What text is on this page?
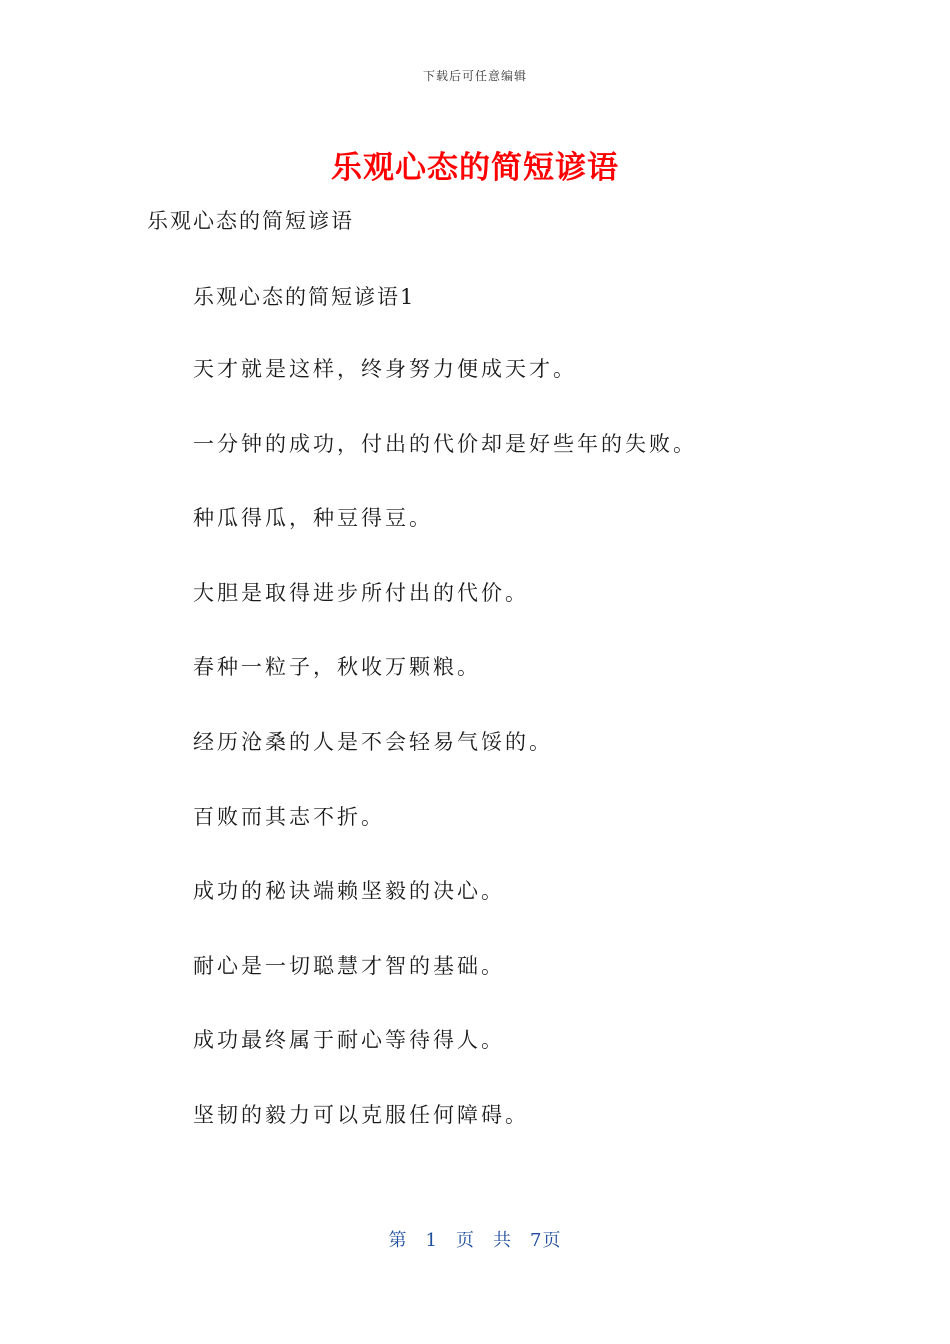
下载后可任意编辑
乐观心态的简短谚语
乐观心态的简短谚语
乐观心态的简短谚语1
天才就是这样，终身努力便成天才。
一分钟的成功，付出的代价却是好些年的失败。
种瓜得瓜，种豆得豆。
大胆是取得进步所付出的代价。
春种一粒子，秋收万颗粮。
经历沧桑的人是不会轻易气馁的。
百败而其志不折。
成功的秘诀端赖坚毅的决心。
耐心是一切聪慧才智的基础。
成功最终属于耐心等待得人。
坚韧的毅力可以克服任何障碍。
第 1 页 共 7页
